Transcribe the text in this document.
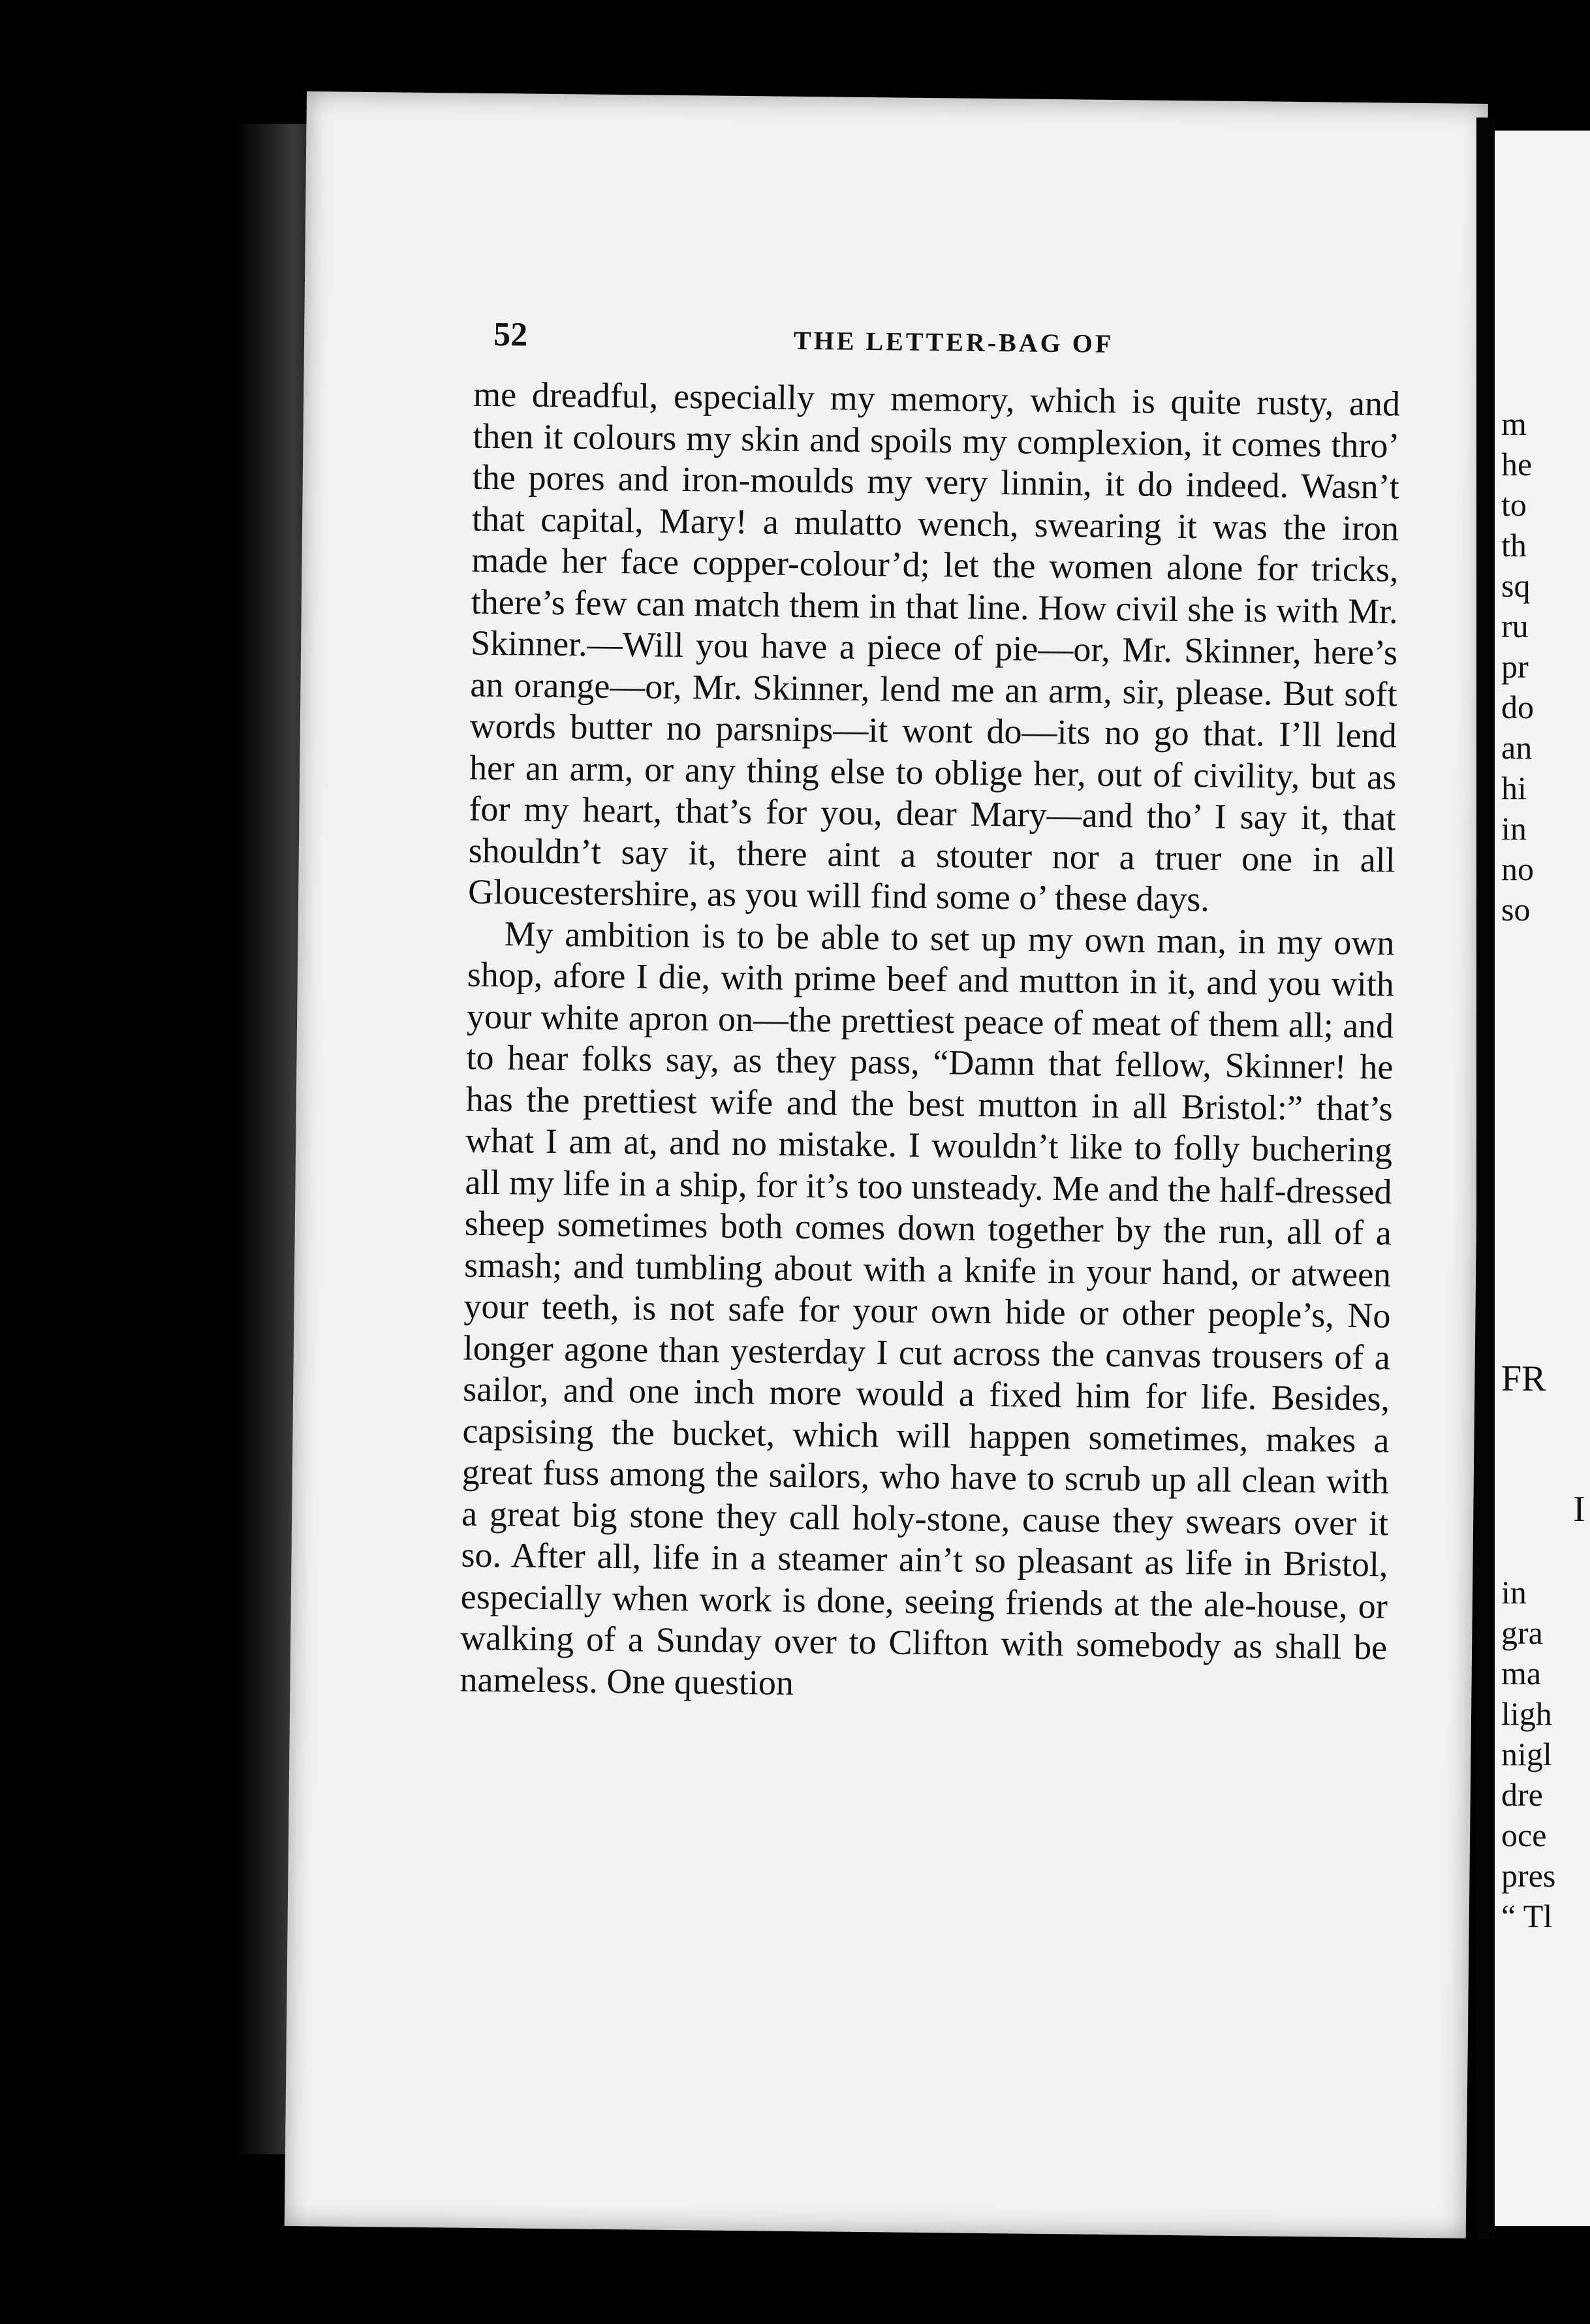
52	THE LETTER-BAG OF

me dreadful, especially my memory, which is quite rusty, and then it colours my skin and spoils my complexion, it comes thro’ the pores and iron-moulds my very linnin, it do indeed. Wasn’t that capital, Mary! a mulatto wench, swearing it was the iron made her face copper-colour’d; let the women alone for tricks, there’s few can match them in that line. How civil she is with Mr. Skinner.—Will you have a piece of pie—or, Mr. Skinner, here’s an orange—or, Mr. Skinner, lend me an arm, sir, please. But soft words butter no parsnips—it wont do—its no go that. I’ll lend her an arm, or any thing else to oblige her, out of civility, but as for my heart, that’s for you, dear Mary—and tho’ I say it, that shouldn’t say it, there aint a stouter nor a truer one in all Gloucestershire, as you will find some o’ these days.

My ambition is to be able to set up my own man, in my own shop, afore I die, with prime beef and mutton in it, and you with your white apron on—the prettiest peace of meat of them all; and to hear folks say, as they pass, “Damn that fellow, Skinner! he has the prettiest wife and the best mutton in all Bristol:” that’s what I am at, and no mistake. I wouldn’t like to folly buchering all my life in a ship, for it’s too unsteady. Me and the half-dressed sheep sometimes both comes down together by the run, all of a smash; and tumbling about with a knife in your hand, or atween your teeth, is not safe for your own hide or other people’s, No longer agone than yesterday I cut across the canvas trousers of a sailor, and one inch more would a fixed him for life. Besides, capsising the bucket, which will happen sometimes, makes a great fuss among the sailors, who have to scrub up all clean with a great big stone they call holy-stone, cause they swears over it so. After all, life in a steamer ain’t so pleasant as life in Bristol, especially when work is done, seeing friends at the ale-house, or walking of a Sunday over to Clifton with somebody as shall be nameless. One question

m
he
to
th
sq
ru
pr
do
an
hi
in
no
so
FR
I
in
gra
ma
ligh
nigl
dre
oce
pres
“ Tl
